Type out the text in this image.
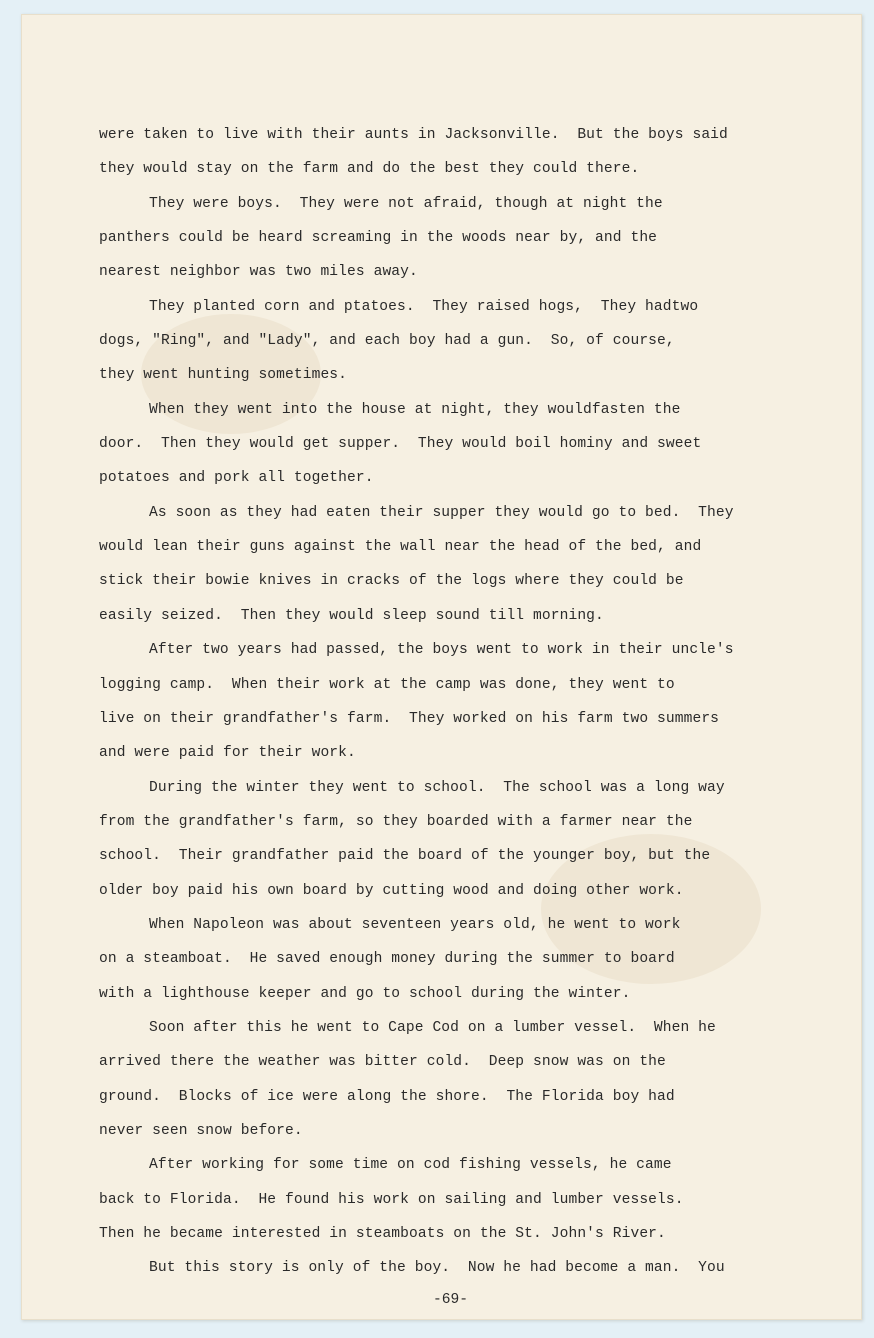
were taken to live with their aunts in Jacksonville.  But the boys said
they would stay on the farm and do the best they could there.
They were boys.  They were not afraid, though at night the
panthers could be heard screaming in the woods near by, and the
nearest neighbor was two miles away.
They planted corn and ptatoes.  They raised hogs,  They hadtwo
dogs, "Ring", and "Lady", and each boy had a gun.  So, of course,
they went hunting sometimes.
When they went into the house at night, they wouldfasten the
door.  Then they would get supper.  They would boil hominy and sweet
potatoes and pork all together.
As soon as they had eaten their supper they would go to bed.  They
would lean their guns against the wall near the head of the bed, and
stick their bowie knives in cracks of the logs where they could be
easily seized.  Then they would sleep sound till morning.
After two years had passed, the boys went to work in their uncle's
logging camp.  When their work at the camp was done, they went to
live on their grandfather's farm.  They worked on his farm two summers
and were paid for their work.
During the winter they went to school.  The school was a long way
from the grandfather's farm, so they boarded with a farmer near the
school.  Their grandfather paid the board of the younger boy, but the
older boy paid his own board by cutting wood and doing other work.
When Napoleon was about seventeen years old, he went to work
on a steamboat.  He saved enough money during the summer to board
with a lighthouse keeper and go to school during the winter.
Soon after this he went to Cape Cod on a lumber vessel.  When he
arrived there the weather was bitter cold.  Deep snow was on the
ground.  Blocks of ice were along the shore.  The Florida boy had
never seen snow before.
After working for some time on cod fishing vessels, he came
back to Florida.  He found his work on sailing and lumber vessels.
Then he became interested in steamboats on the St. John's River.
But this story is only of the boy.  Now he had become a man.  You
-69-
